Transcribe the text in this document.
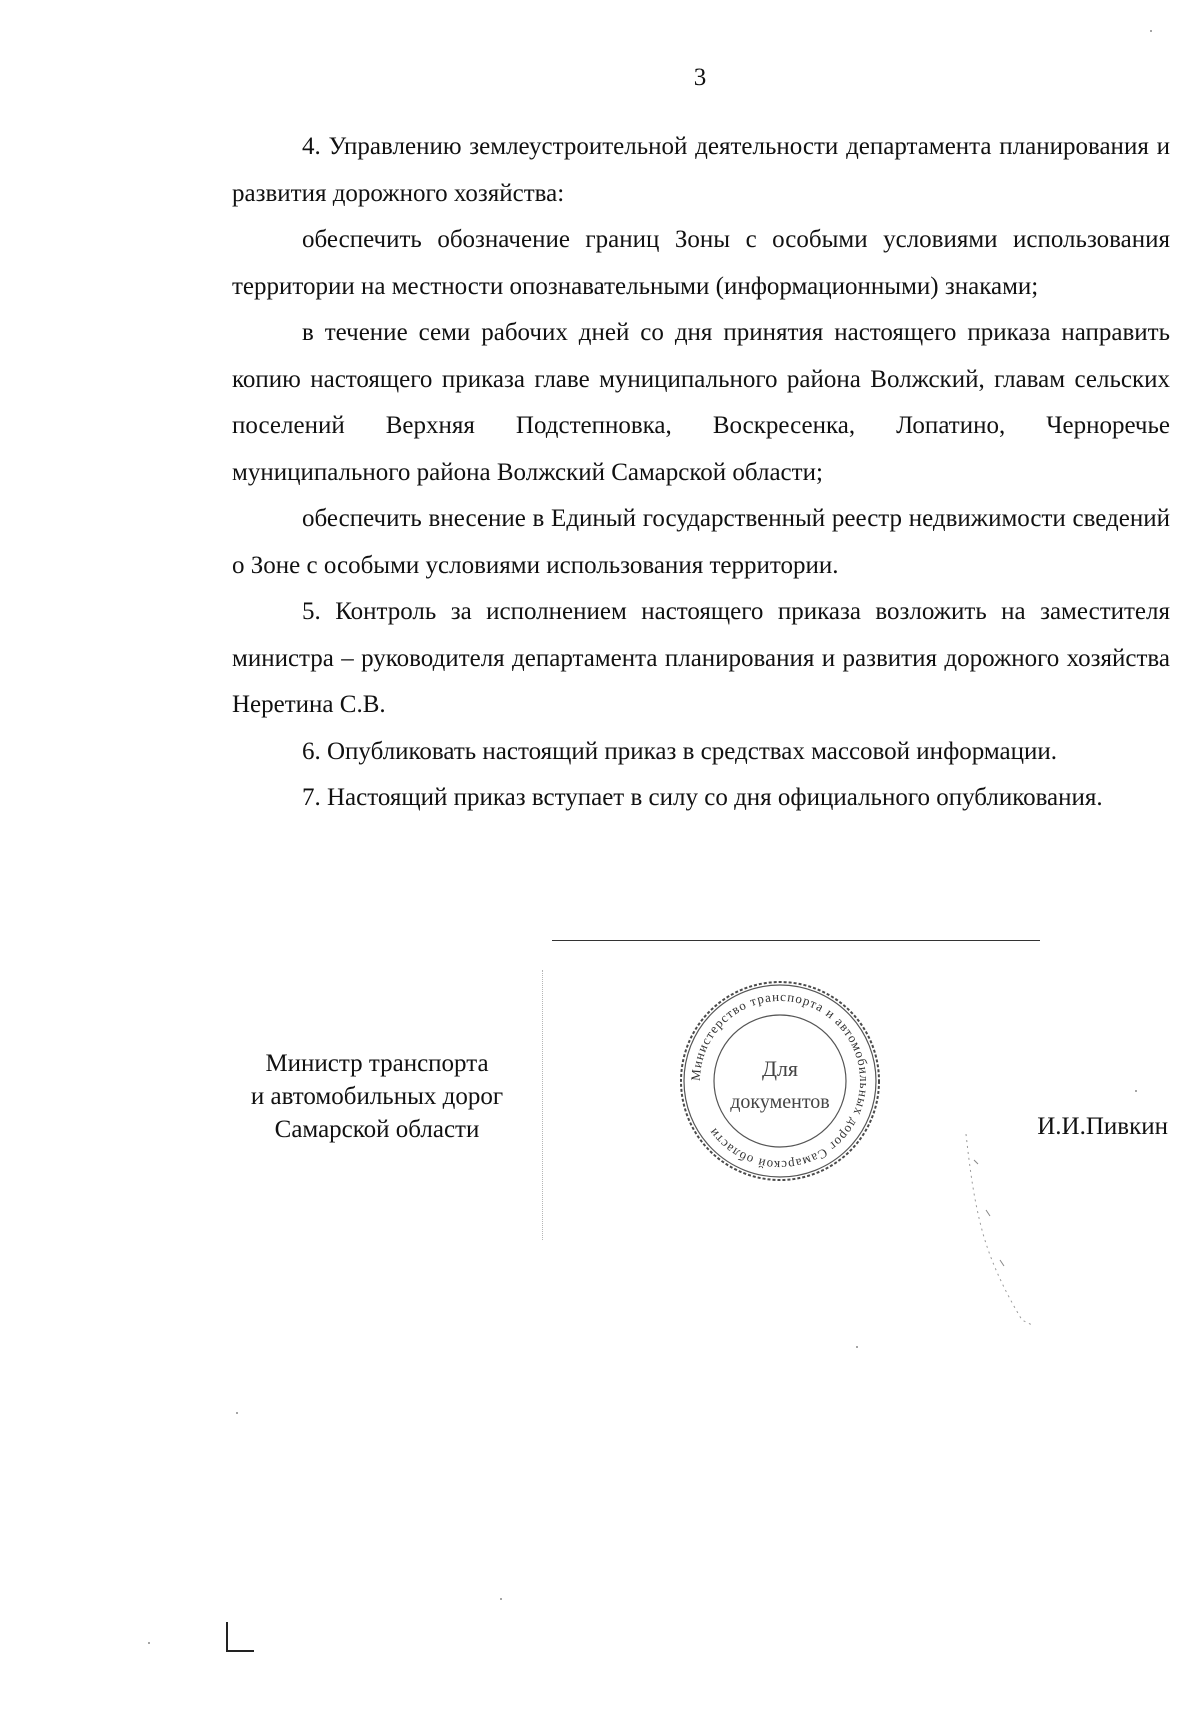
3

4. Управлению землеустроительной деятельности департамента планирования и развития дорожного хозяйства:

обеспечить обозначение границ Зоны с особыми условиями использования территории на местности опознавательными (информационными) знаками;

в течение семи рабочих дней со дня принятия настоящего приказа направить копию настоящего приказа главе муниципального района Волжский, главам сельских поселений Верхняя Подстепновка, Воскресенка, Лопатино, Черноречье муниципального района Волжский Самарской области;

обеспечить внесение в Единый государственный реестр недвижимости сведений о Зоне с особыми условиями использования территории.

5. Контроль за исполнением настоящего приказа возложить на заместителя министра – руководителя департамента планирования и развития дорожного хозяйства Неретина С.В.

6. Опубликовать настоящий приказ в средствах массовой информации.

7. Настоящий приказ вступает в силу со дня официального опубликования.

Министр транспорта
и автомобильных дорог
Самарской области
Министерство транспорта и автомобильных дорог Самарской области
Для
документов
И.И.Пивкин
